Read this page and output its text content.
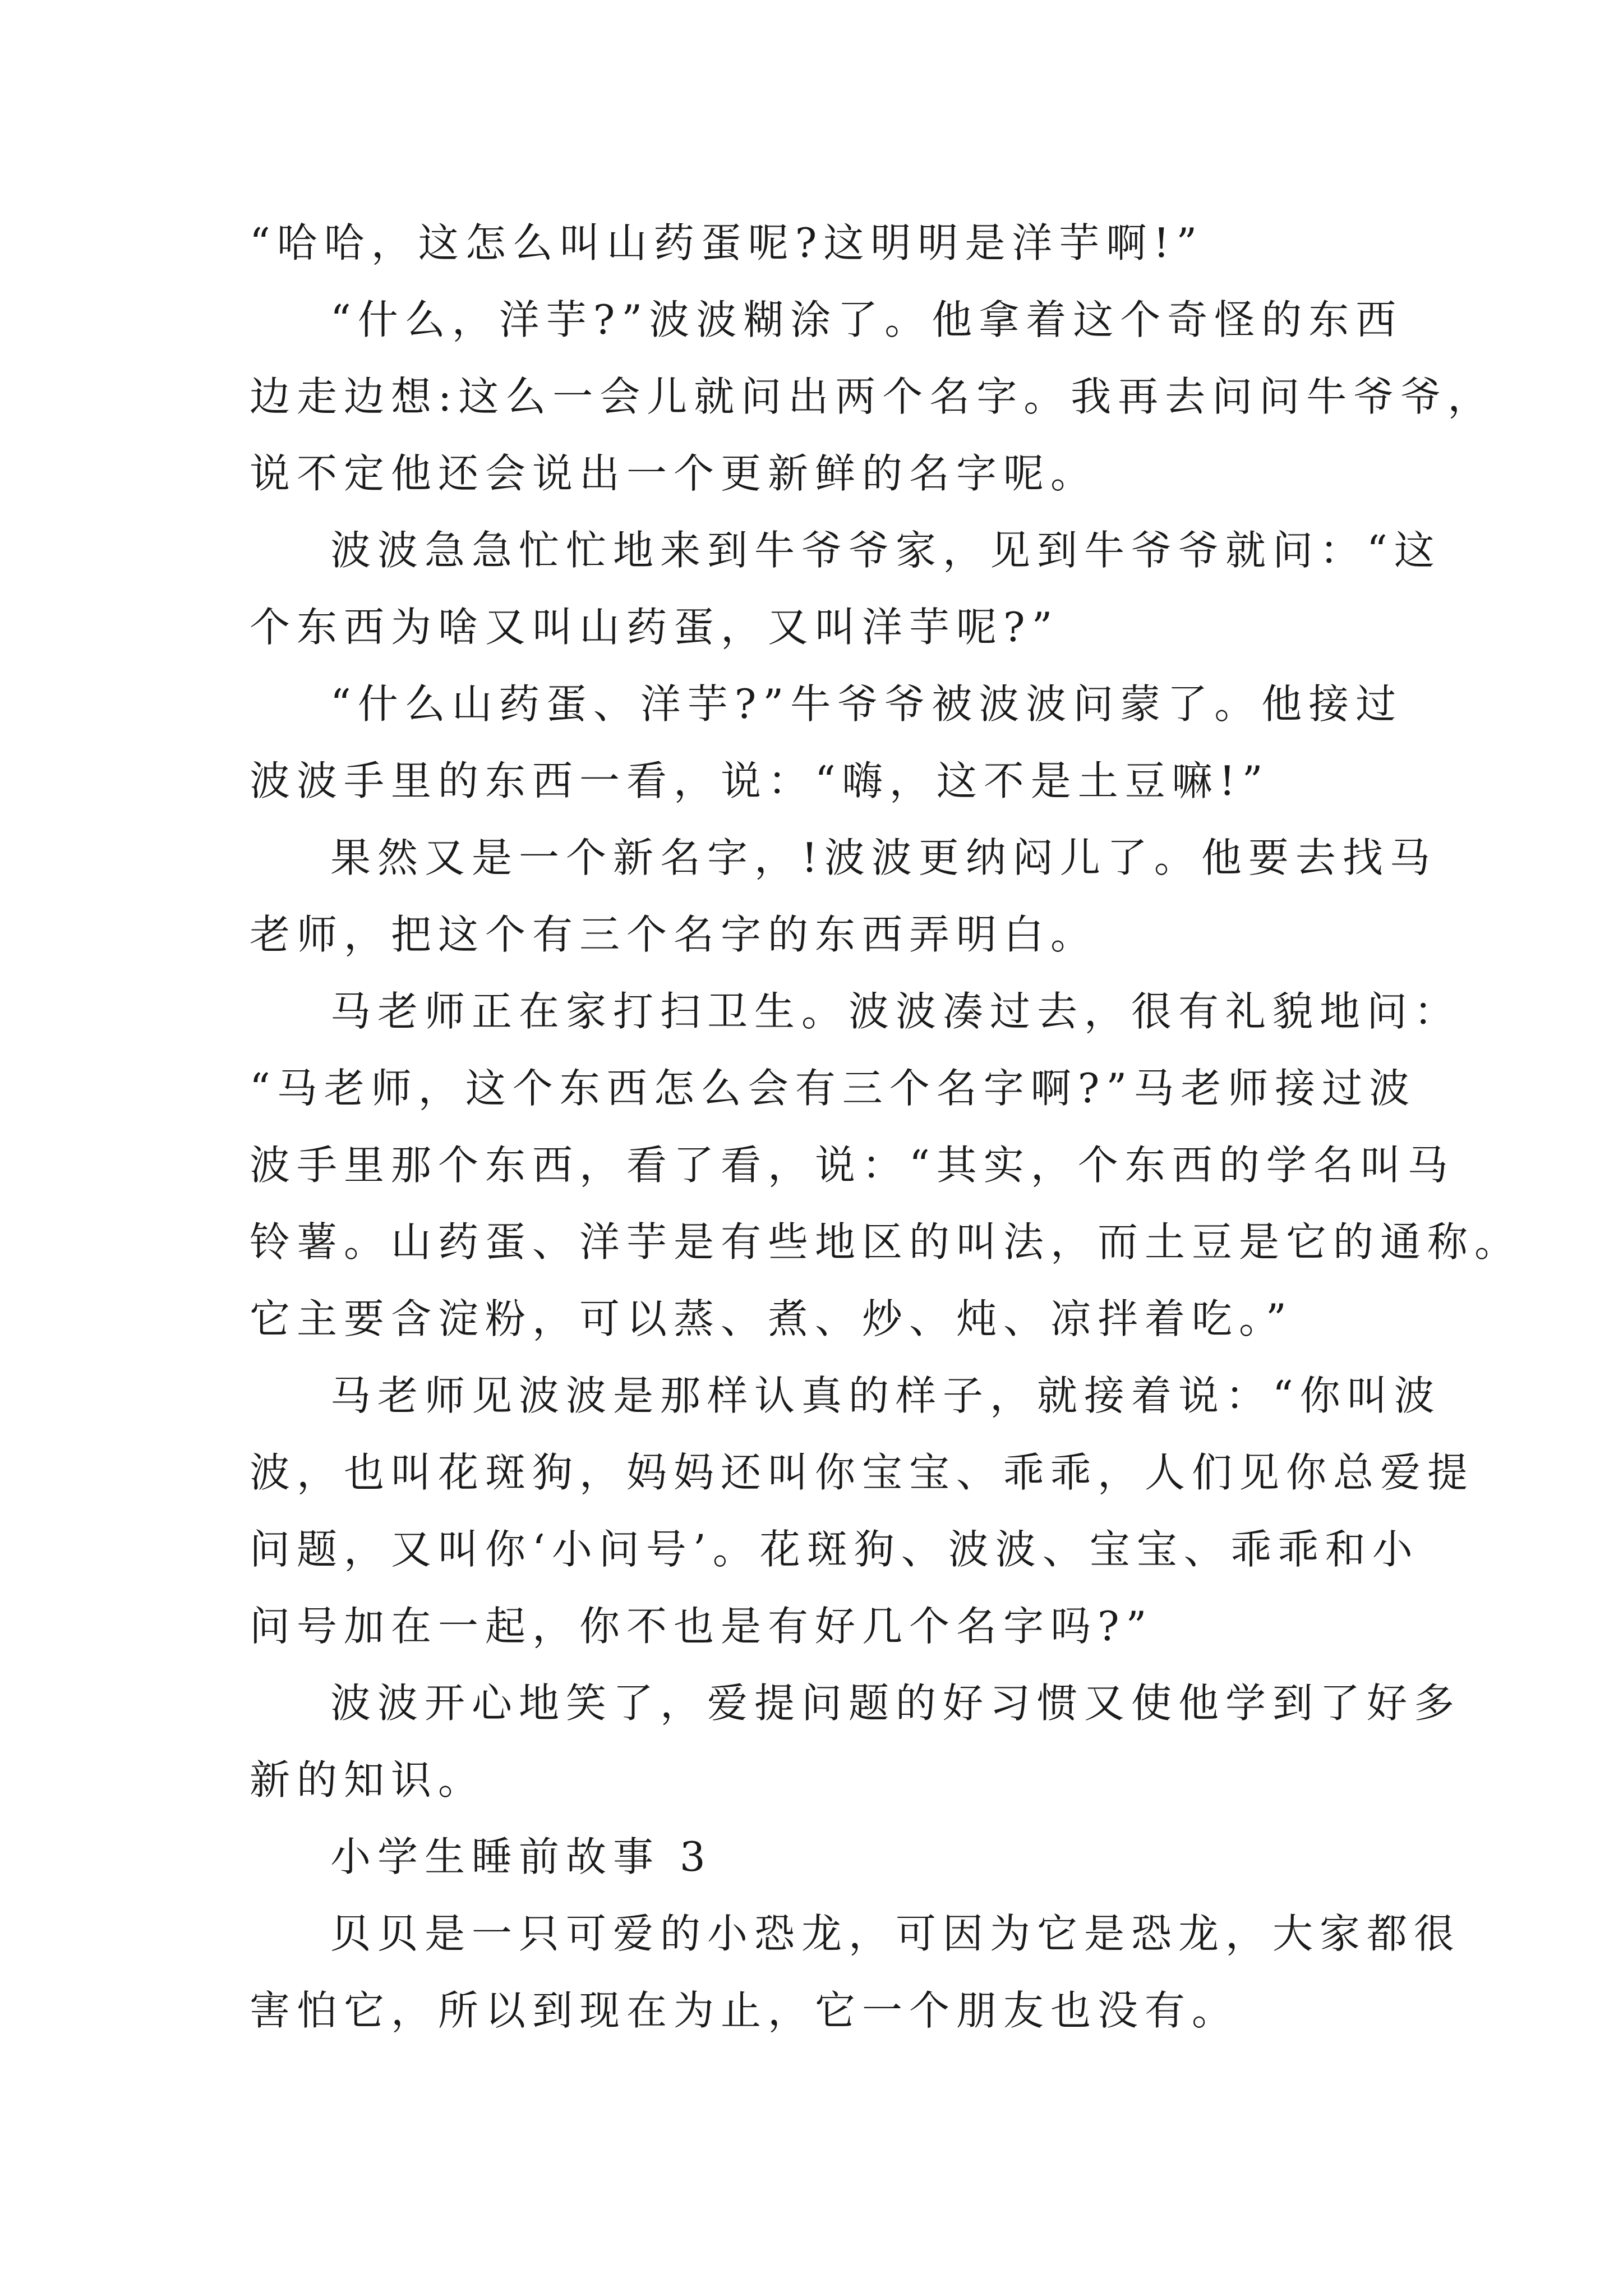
“哈哈，这怎么叫山药蛋呢?这明明是洋芋啊!”
“什么，洋芋?”波波糊涂了。他拿着这个奇怪的东西
边走边想:这么一会儿就问出两个名字。我再去问问牛爷爷，
说不定他还会说出一个更新鲜的名字呢。
波波急急忙忙地来到牛爷爷家，见到牛爷爷就问：“这
个东西为啥又叫山药蛋，又叫洋芋呢?”
“什么山药蛋、洋芋?”牛爷爷被波波问蒙了。他接过
波波手里的东西一看，说：“嗨，这不是土豆嘛!”
果然又是一个新名字，!波波更纳闷儿了。他要去找马
老师，把这个有三个名字的东西弄明白。
马老师正在家打扫卫生。波波凑过去，很有礼貌地问：
“马老师，这个东西怎么会有三个名字啊?”马老师接过波
波手里那个东西，看了看，说：“其实，个东西的学名叫马
铃薯。山药蛋、洋芋是有些地区的叫法，而土豆是它的通称。
它主要含淀粉，可以蒸、煮、炒、炖、凉拌着吃。”
马老师见波波是那样认真的样子，就接着说：“你叫波
波，也叫花斑狗，妈妈还叫你宝宝、乖乖，人们见你总爱提
问题，又叫你‘小问号’。花斑狗、波波、宝宝、乖乖和小
问号加在一起，你不也是有好几个名字吗?”
波波开心地笑了，爱提问题的好习惯又使他学到了好多
新的知识。
小学生睡前故事 3
贝贝是一只可爱的小恐龙，可因为它是恐龙，大家都很
害怕它，所以到现在为止，它一个朋友也没有。
